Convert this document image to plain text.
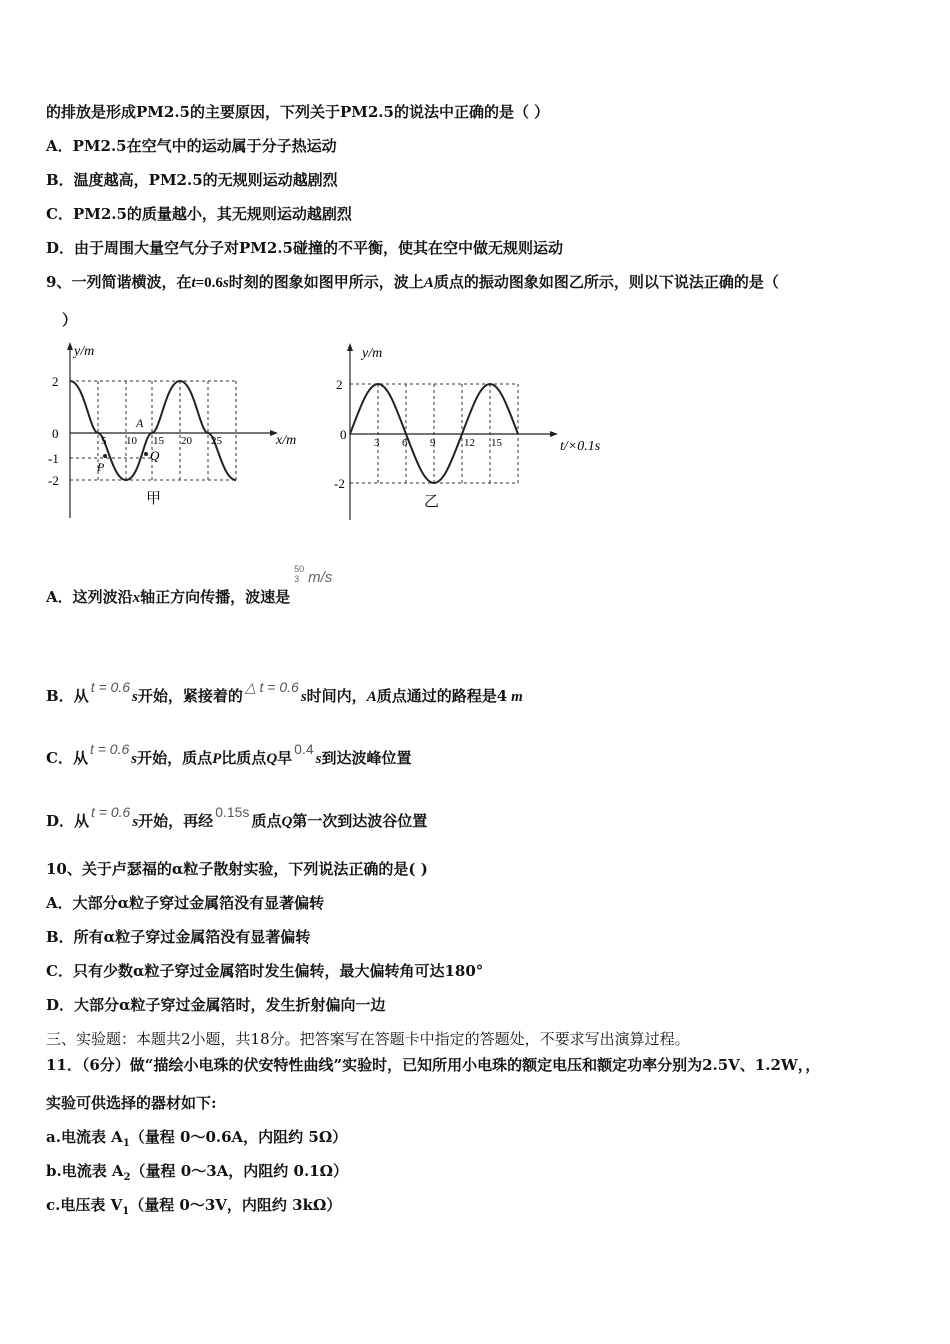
的排放是形成PM2.5的主要原因，下列关于PM2.5的说法中正确的是（ ）
A．PM2.5在空气中的运动属于分子热运动
B．温度越高，PM2.5的无规则运动越剧烈
C．PM2.5的质量越小，其无规则运动越剧烈
D．由于周围大量空气分子对PM2.5碰撞的不平衡，使其在空中做无规则运动
9、一列简谐横波，在t=0.6s时刻的图象如图甲所示，波上A质点的振动图象如图乙所示，则以下说法正确的是（
）
y/m
x/m
2
0
-1
-2
5 10 15 20 25
A
P
Q
甲
y/m
t/×0.1s
2
0
-2
3 6 9	12 15
乙
A．这列波沿x轴正方向传播，波速是
50
3 m/s
B．从 t = 0.6s开始，紧接着的 △ t = 0.6s时间内，A质点通过的路程是4 m
C．从 t = 0.6s开始，质点P比质点Q早 0.4s到达波峰位置
D．从 t = 0.6s开始，再经 0.15s 质点Q第一次到达波谷位置
10、关于卢瑟福的α粒子散射实验，下列说法正确的是( )
A．大部分α粒子穿过金属箔没有显著偏转
B．所有α粒子穿过金属箔没有显著偏转
C．只有少数α粒子穿过金属箔时发生偏转，最大偏转角可达180°
D．大部分α粒子穿过金属箔时，发生折射偏向一边
三、实验题：本题共2小题，共18分。把答案写在答题卡中指定的答题处，不要求写出演算过程。
11．（6分）做“描绘小电珠的伏安特性曲线”实验时，已知所用小电珠的额定电压和额定功率分别为2.5V、1.2W，，
实验可供选择的器材如下:
a.电流表 $A_1$（量程 0～0.6A，内阻约 5Ω）
b.电流表 $A_2$（量程 0～3A，内阻约 0.1Ω）
c.电压表 $V_1$（量程 0～3V，内阻约 3kΩ）
